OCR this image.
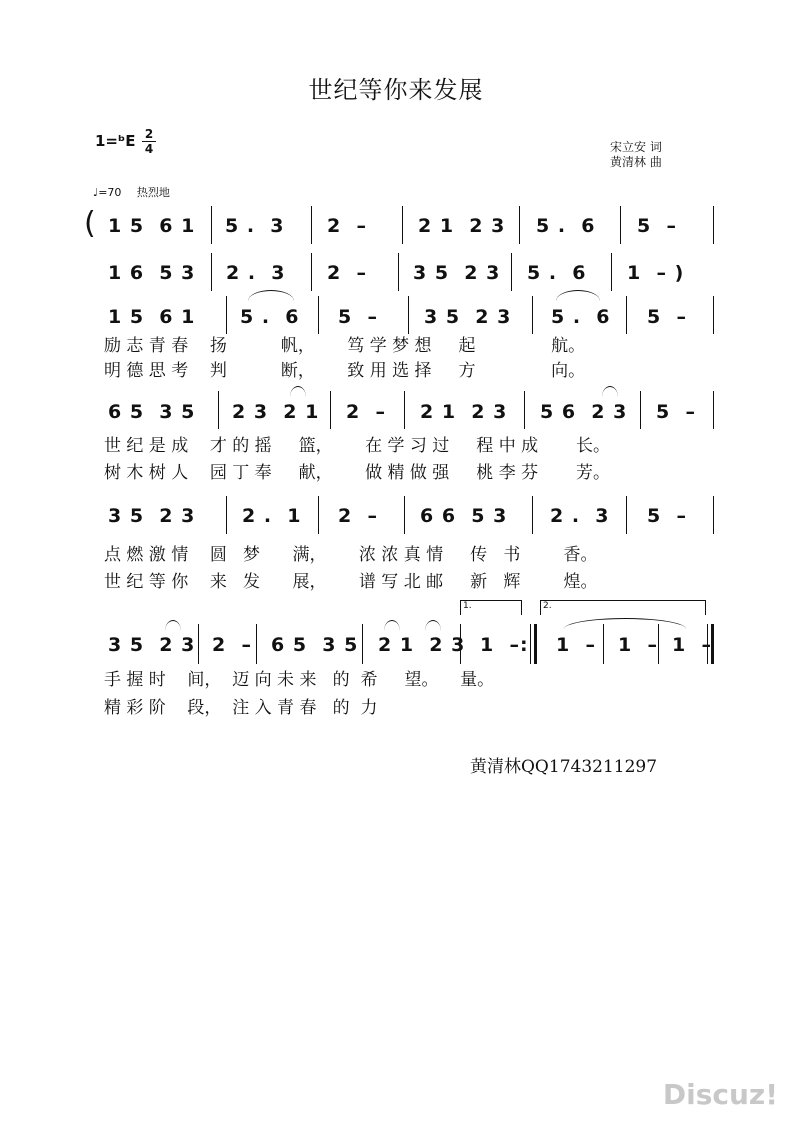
世纪等你来发展
1=ᵇE 2
4	宋立安 词
黄清林 曲
♩=70 热烈地
( 1 5  6 1 5 .  3 2  –	2 1  2 3 5 .  6 5  –
1 6  5 3 2 .  3 2  – 3 5  2 3 5 .  6 1  – )
1 5  6 1 5 .  6 5  – 3 5  2 3 5 .  6 5  –
励 志 青 春    扬          帆，      笃 学 梦 想     起              航。
明 德 思 考    判          断，      致 用 选 择     方              向。
6 5  3 5 2 3  2 1 2  – 2 1  2 3 5 6  2 3 5  –
世 纪 是 成    才 的 摇     篮，      在 学 习 过     程 中 成       长。
树 木 树 人    园 丁 奉     献，      做 精 做 强     桃 李 芬       芳。
3 5  2 3 2 .  1 2  – 6 6  5 3 2 .  3 5  –
点 燃 激 情    圆   梦      满，      浓 浓 真 情     传   书        香。
世 纪 等 你    来   发      展，      谱 写 北 邮     新   辉        煌。
1.	2.
3 5  2 3 2  – 6 5  3 5 2 1  2 3 1  –: 1  – 1  – 1  –
手 握 时    间，  迈 向 未 来   的  希     望。    量。
精 彩 阶    段，  注 入 青 春   的  力
黄清林QQ1743211297
Discuz!
